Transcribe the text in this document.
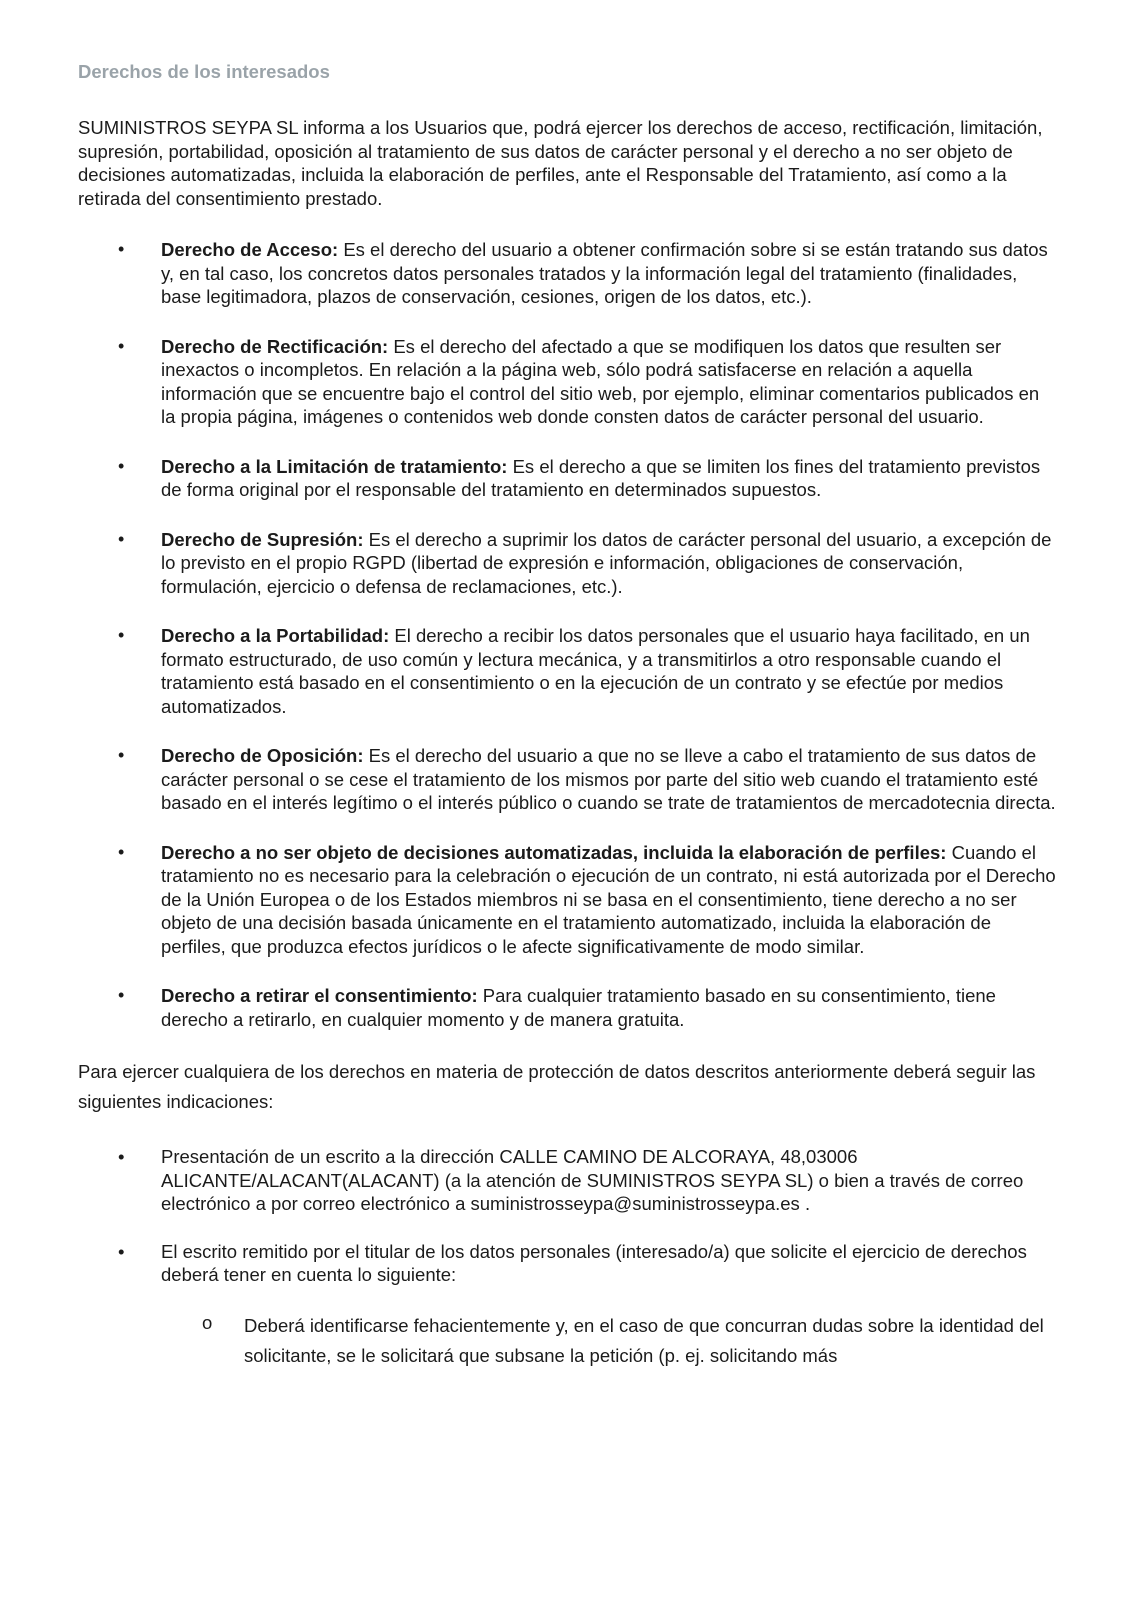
Derechos de los interesados

SUMINISTROS SEYPA SL informa a los Usuarios que, podrá ejercer los derechos de acceso, rectificación, limitación, supresión, portabilidad, oposición al tratamiento de sus datos de carácter personal y el derecho a no ser objeto de decisiones automatizadas, incluida la elaboración de perfiles, ante el Responsable del Tratamiento, así como a la retirada del consentimiento prestado.

• Derecho de Acceso: Es el derecho del usuario a obtener confirmación sobre si se están tratando sus datos y, en tal caso, los concretos datos personales tratados y la información legal del tratamiento (finalidades, base legitimadora, plazos de conservación, cesiones, origen de los datos, etc.).
• Derecho de Rectificación: Es el derecho del afectado a que se modifiquen los datos que resulten ser inexactos o incompletos. En relación a la página web, sólo podrá satisfacerse en relación a aquella información que se encuentre bajo el control del sitio web, por ejemplo, eliminar comentarios publicados en la propia página, imágenes o contenidos web donde consten datos de carácter personal del usuario.
• Derecho a la Limitación de tratamiento: Es el derecho a que se limiten los fines del tratamiento previstos de forma original por el responsable del tratamiento en determinados supuestos.
• Derecho de Supresión: Es el derecho a suprimir los datos de carácter personal del usuario, a excepción de lo previsto en el propio RGPD (libertad de expresión e información, obligaciones de conservación, formulación, ejercicio o defensa de reclamaciones, etc.).
• Derecho a la Portabilidad: El derecho a recibir los datos personales que el usuario haya facilitado, en un formato estructurado, de uso común y lectura mecánica, y a transmitirlos a otro responsable cuando el tratamiento está basado en el consentimiento o en la ejecución de un contrato y se efectúe por medios automatizados.
• Derecho de Oposición: Es el derecho del usuario a que no se lleve a cabo el tratamiento de sus datos de carácter personal o se cese el tratamiento de los mismos por parte del sitio web cuando el tratamiento esté basado en el interés legítimo o el interés público o cuando se trate de tratamientos de mercadotecnia directa.
• Derecho a no ser objeto de decisiones automatizadas, incluida la elaboración de perfiles: Cuando el tratamiento no es necesario para la celebración o ejecución de un contrato, ni está autorizada por el Derecho de la Unión Europea o de los Estados miembros ni se basa en el consentimiento, tiene derecho a no ser objeto de una decisión basada únicamente en el tratamiento automatizado, incluida la elaboración de perfiles, que produzca efectos jurídicos o le afecte significativamente de modo similar.
• Derecho a retirar el consentimiento: Para cualquier tratamiento basado en su consentimiento, tiene derecho a retirarlo, en cualquier momento y de manera gratuita.

Para ejercer cualquiera de los derechos en materia de protección de datos descritos anteriormente deberá seguir las siguientes indicaciones:

• Presentación de un escrito a la dirección CALLE CAMINO DE ALCORAYA, 48,03006 ALICANTE/ALACANT(ALACANT) (a la atención de SUMINISTROS SEYPA SL) o bien a través de correo electrónico a por correo electrónico a suministrosseypa@suministrosseypa.es .
• El escrito remitido por el titular de los datos personales (interesado/a) que solicite el ejercicio de derechos deberá tener en cuenta lo siguiente:
o Deberá identificarse fehacientemente y, en el caso de que concurran dudas sobre la identidad del solicitante, se le solicitará que subsane la petición (p. ej. solicitando más
